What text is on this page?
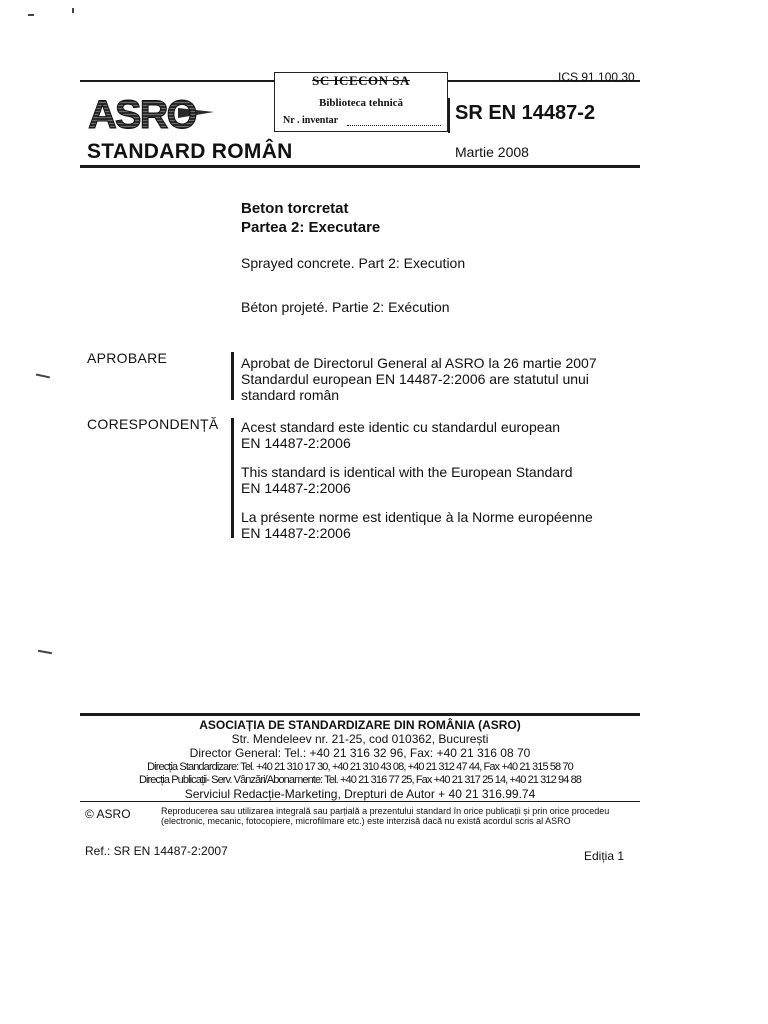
ICS 91.100.30
SC ICECON SA
Biblioteca tehnică
Nr . inventar
ASRO	SR EN 14487-2
STANDARD ROMÂN	Martie 2008
Beton torcretat
Partea 2: Executare
Sprayed concrete. Part 2: Execution
Béton projeté. Partie 2: Exécution
APROBARE	Aprobat de Directorul General al ASRO la 26 martie 2007
Standardul european EN 14487-2:2006 are statutul unui
standard român
CORESPONDENȚĂ Acest standard este identic cu standardul european
EN 14487-2:2006
This standard is identical with the European Standard
EN 14487-2:2006
La présente norme est identique à la Norme européenne
EN 14487-2:2006
ASOCIAȚIA DE STANDARDIZARE DIN ROMÂNIA (ASRO)
Str. Mendeleev nr. 21-25, cod 010362, București
Director General: Tel.: +40 21 316 32 96, Fax: +40 21 316 08 70
Direcția Standardizare: Tel. +40 21 310 17 30, +40 21 310 43 08, +40 21 312 47 44, Fax +40 21 315 58 70
Direcția Publicații- Serv. Vânzări/Abonamente: Tel. +40 21 316 77 25, Fax +40 21 317 25 14, +40 21 312 94 88
Serviciul Redacție-Marketing, Drepturi de Autor + 40 21 316.99.74
© ASRO	Reproducerea sau utilizarea integrală sau parțială a prezentului standard în orice publicații și prin orice procedeu (electronic, mecanic, fotocopiere, microfilmare etc.) este interzisă dacă nu există acordul scris al ASRO
Ref.: SR EN 14487-2:2007	Ediția 1
